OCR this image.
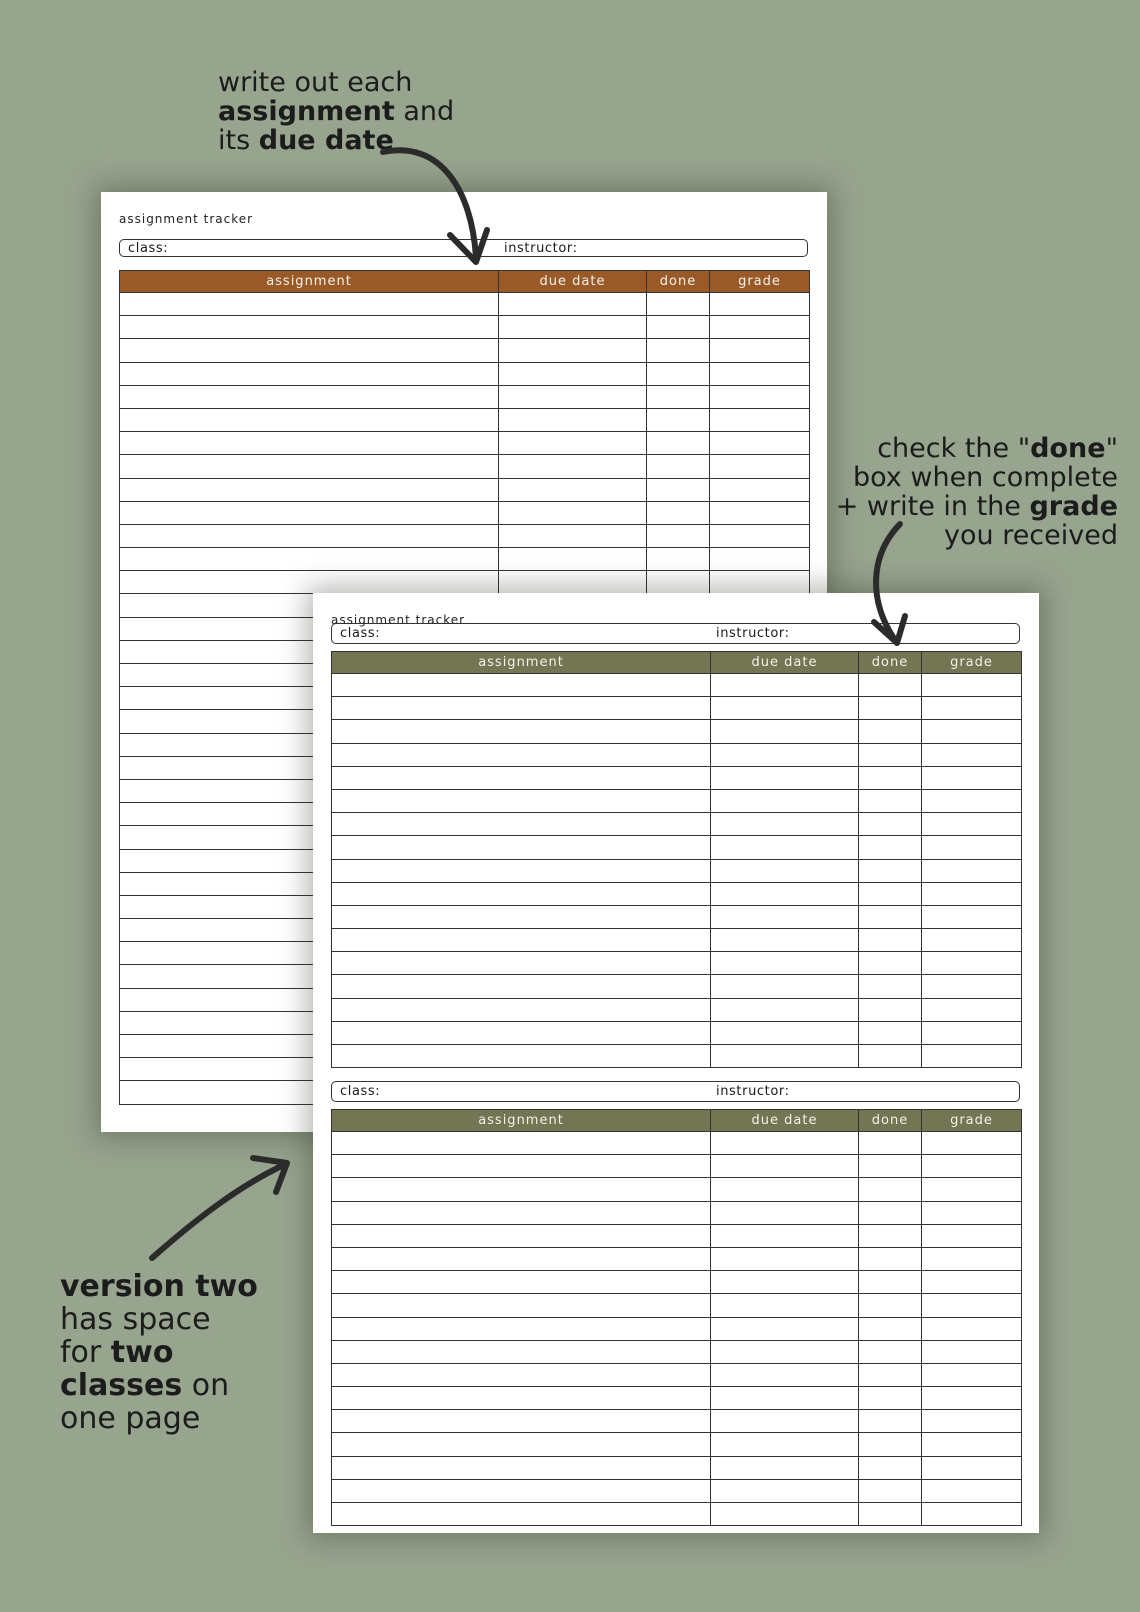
write out each
assignment and
its due date
check the "done"
box when complete
+ write in the grade
you received
version two
has space
for two
classes on
one page
assignment tracker
class:	instructor:
assignment	due date	done	grade

assignment tracker
class:	instructor:
assignment	due date	done	grade

class:	instructor:
assignment	due date	done	grade
